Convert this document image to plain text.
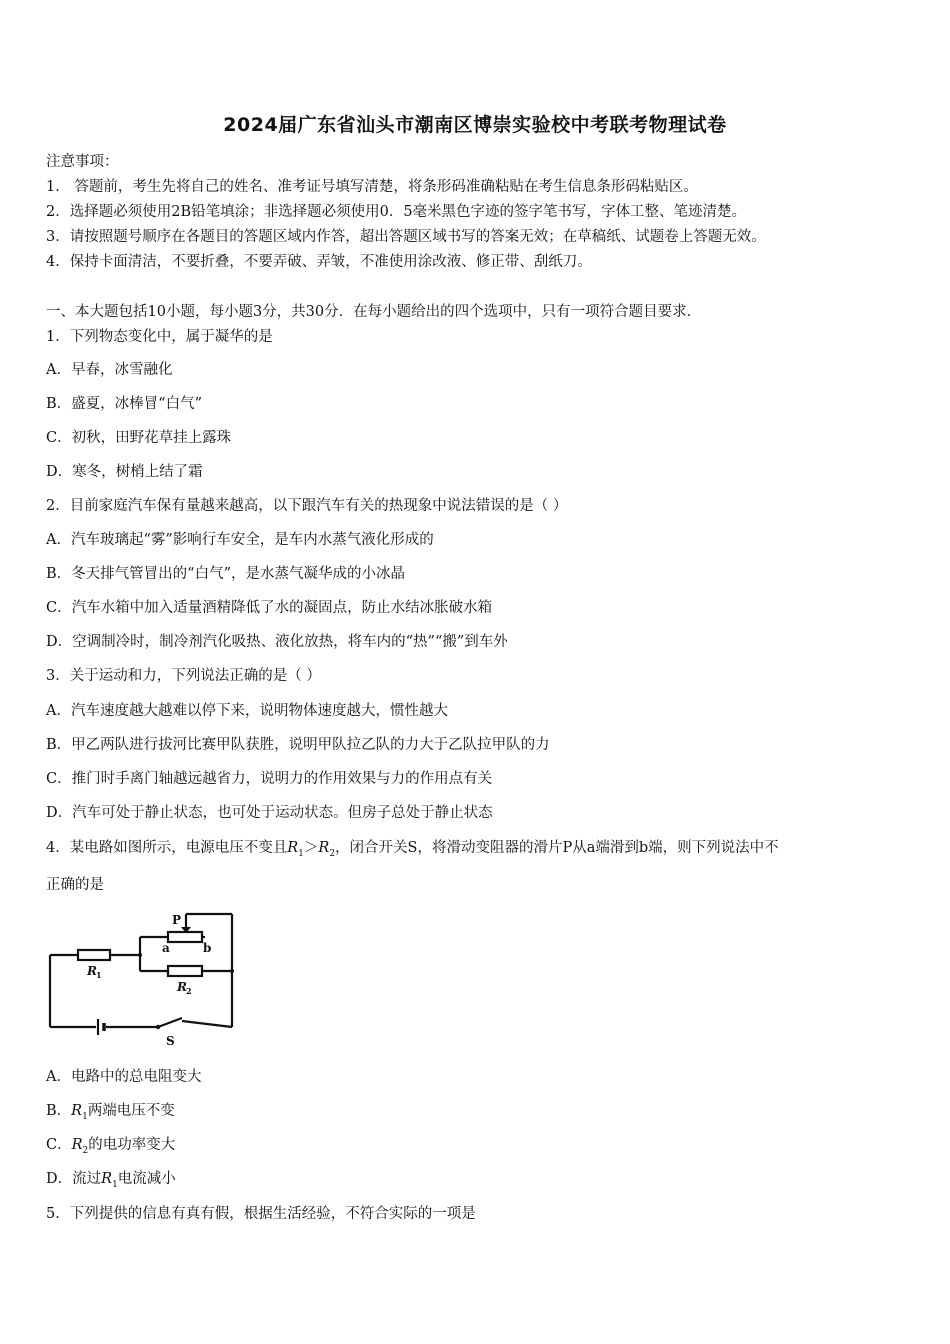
2024届广东省汕头市潮南区博崇实验校中考联考物理试卷
注意事项：
1． 答题前，考生先将自己的姓名、准考证号填写清楚，将条形码准确粘贴在考生信息条形码粘贴区。
2．选择题必须使用2B铅笔填涂；非选择题必须使用0．5毫米黑色字迹的签字笔书写，字体工整、笔迹清楚。
3．请按照题号顺序在各题目的答题区域内作答，超出答题区域书写的答案无效；在草稿纸、试题卷上答题无效。
4．保持卡面清洁，不要折叠，不要弄破、弄皱，不准使用涂改液、修正带、刮纸刀。
一、本大题包括10小题，每小题3分，共30分．在每小题给出的四个选项中，只有一项符合题目要求．
1．下列物态变化中，属于凝华的是
A．早春，冰雪融化
B．盛夏，冰棒冒“白气”
C．初秋，田野花草挂上露珠
D．寒冬，树梢上结了霜
2．目前家庭汽车保有量越来越高，以下跟汽车有关的热现象中说法错误的是（ ）
A．汽车玻璃起“雾”影响行车安全，是车内水蒸气液化形成的
B．冬天排气管冒出的“白气”，是水蒸气凝华成的小冰晶
C．汽车水箱中加入适量酒精降低了水的凝固点，防止水结冰胀破水箱
D．空调制冷时，制冷剂汽化吸热、液化放热，将车内的“热”“搬”到车外
3．关于运动和力，下列说法正确的是（ ）
A．汽车速度越大越难以停下来，说明物体速度越大，惯性越大
B．甲乙两队进行拔河比赛甲队获胜，说明甲队拉乙队的力大于乙队拉甲队的力
C．推门时手离门轴越远越省力，说明力的作用效果与力的作用点有关
D．汽车可处于静止状态，也可处于运动状态。但房子总处于静止状态
4．某电路如图所示，电源电压不变且$R_1>R_2$，闭合开关S，将滑动变阻器的滑片P从a端滑到b端，则下列说法中不
正确的是
P
a	b
R 1
R 2
S
A．电路中的总电阻变大
B．$R_1$两端电压不变
C．$R_2$的电功率变大
D．流过$R_1$电流减小
5．下列提供的信息有真有假，根据生活经验，不符合实际的一项是
